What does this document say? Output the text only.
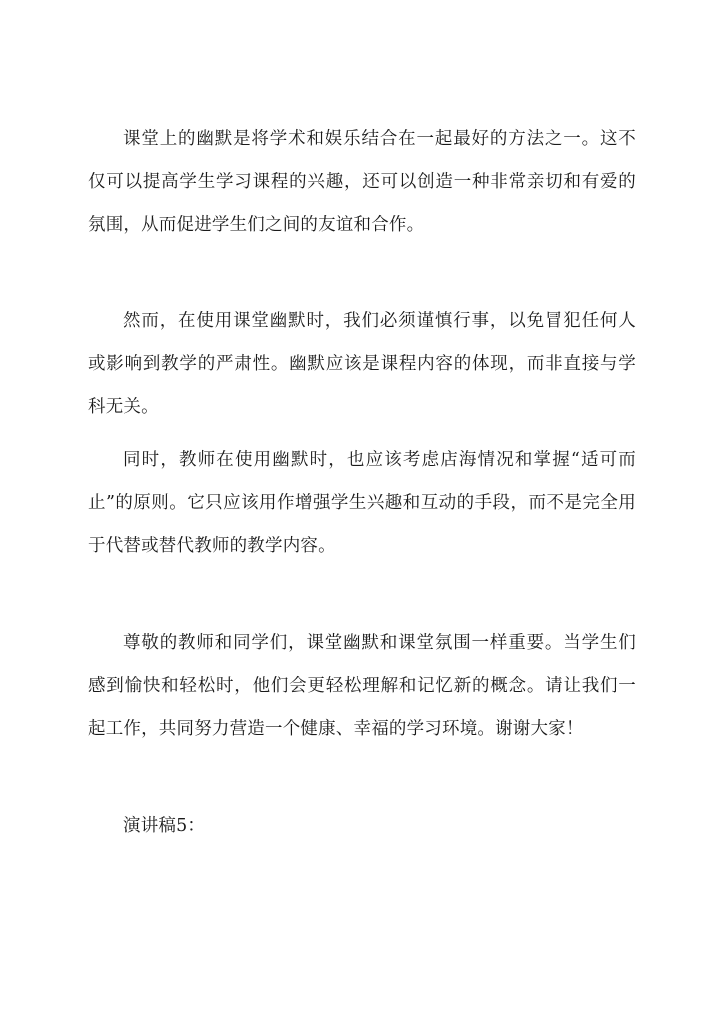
课堂上的幽默是将学术和娱乐结合在一起最好的方法之一。这不仅可以提高学生学习课程的兴趣，还可以创造一种非常亲切和有爱的氛围，从而促进学生们之间的友谊和合作。

然而，在使用课堂幽默时，我们必须谨慎行事，以免冒犯任何人或影响到教学的严肃性。幽默应该是课程内容的体现，而非直接与学科无关。

同时，教师在使用幽默时，也应该考虑店海情况和掌握“适可而止”的原则。它只应该用作增强学生兴趣和互动的手段，而不是完全用于代替或替代教师的教学内容。

尊敬的教师和同学们，课堂幽默和课堂氛围一样重要。当学生们感到愉快和轻松时，他们会更轻松理解和记忆新的概念。请让我们一起工作，共同努力营造一个健康、幸福的学习环境。谢谢大家！

演讲稿5：
